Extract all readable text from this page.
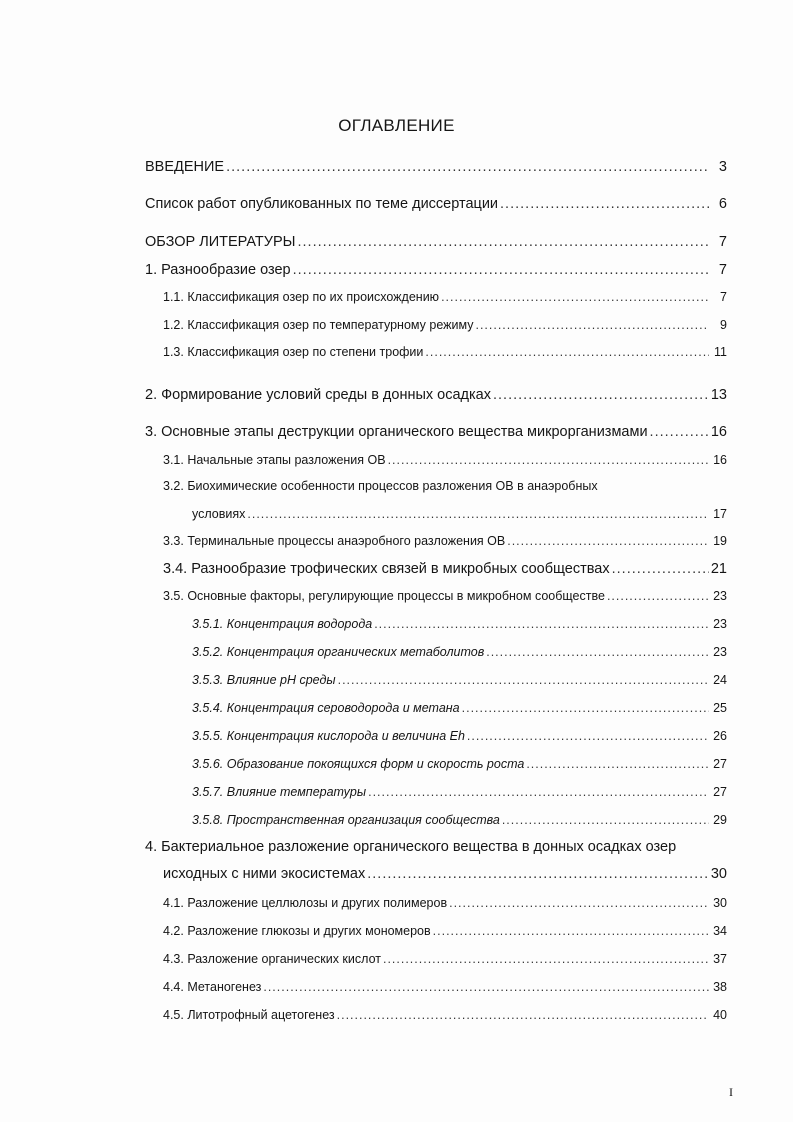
ОГЛАВЛЕНИЕ
ВВЕДЕНИЕ .....	3
Список работ опубликованных по теме диссертации .....	6
ОБЗОР ЛИТЕРАТУРЫ .....	7
1. Разнообразие озер .....	7
1.1. Классификация озер по их происхождению .....	7
1.2. Классификация озер по температурному режиму .....	9
1.3. Классификация озер по степени трофии .....	11
2. Формирование условий среды в донных осадках .....	13
3. Основные этапы деструкции органического вещества микрорганизмами .....	16
3.1. Начальные этапы разложения ОВ .....	16
3.2. Биохимические особенности процессов разложения ОВ в анаэробных
условиях .....	17
3.3. Терминальные процессы анаэробного разложения ОВ .....	19
3.4. Разнообразие трофических связей в микробных сообществах .....	21
3.5. Основные факторы, регулирующие процессы в микробном сообществе .....	23
3.5.1. Концентрация водорода .....	23
3.5.2. Концентрация органических метаболитов .....	23
3.5.3. Влияние рН среды .....	24
3.5.4. Концентрация сероводорода и метана .....	25
3.5.5. Концентрация кислорода и величина Eh .....	26
3.5.6. Образование покоящихся форм и скорость роста .....	27
3.5.7. Влияние температуры .....	27
3.5.8. Пространственная организация сообщества .....	29
4. Бактериальное разложение органического вещества в донных осадках озер
исходных с ними экосистемах .....	30
4.1. Разложение целлюлозы и других полимеров .....	30
4.2. Разложение глюкозы и других мономеров .....	34
4.3. Разложение органических кислот .....	37
4.4. Метаногенез .....	38
4.5. Литотрофный ацетогенез .....	40
I
